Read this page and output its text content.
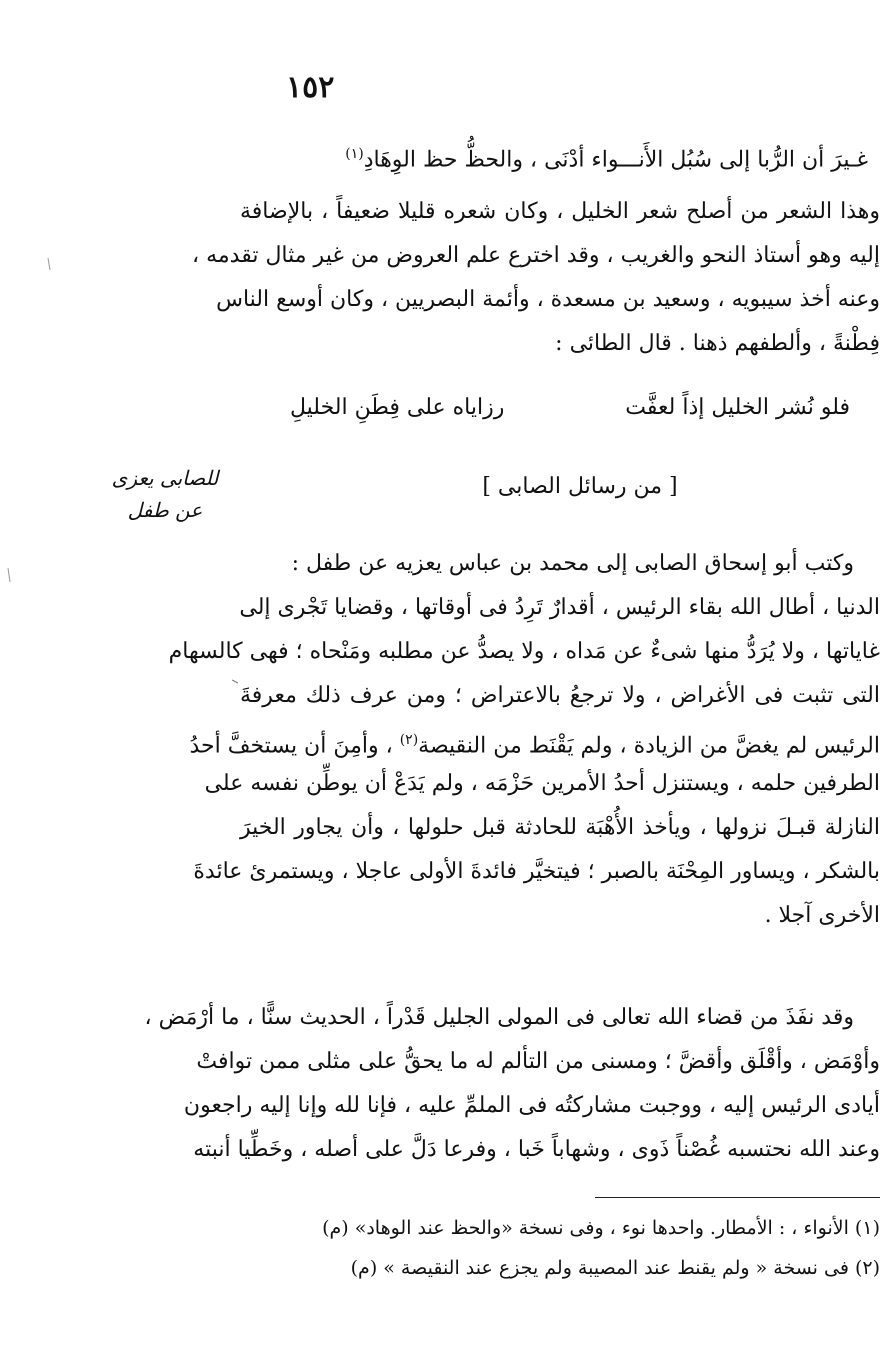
١٥٢
غـيرَ أن الرُّبا إلى سُبُل الأَنـــواء أدْنَى ، والحظُّ حظ الوِهَادِ$^{(١)}$
وهذا الشعر من أصلح شعر الخليل ، وكان شعره قليلا ضعيفاً ، بالإضافة
إليه وهو أستاذ النحو والغريب ، وقد اخترع علم العروض من غير مثال تقدمه ،
وعنه أخذ سيبويه ، وسعيد بن مسعدة ، وأئمة البصريين ، وكان أوسع الناس
فِطْنةً ، وألطفهم ذهنا . قال الطائى :
فلو نُشر الخليل إذاً لعفَّت
رزاياه على فِطَنِ الخليلِ
[ من رسائل الصابى ]
للصابى يعزى
عن طفل
وكتب أبو إسحاق الصابى إلى محمد بن عباس يعزيه عن طفل :
الدنيا ، أطال الله بقاء الرئيس ، أقدارٌ تَرِدُ فى أوقاتها ، وقضايا تَجْرى إلى
غاياتها ، ولا يُرَدُّ منها شىءٌ عن مَداه ، ولا يصدُّ عن مطلبه ومَنْحاه ؛ فهى كالسهام
التى تثبت فى الأغراض ، ولا ترجعُ بالاعتراض ؛ ومن عرف ذلك معرفةَ
الرئيس لم يغضَّ من الزيادة ، ولم يَقْنَط من النقيصة$^{(٢)}$ ، وأمِنَ أن يستخفَّ أحدُ
الطرفين حلمه ، ويستنزل أحدُ الأمرين حَزْمَه ، ولم يَدَعْ أن يوطِّن نفسه على
النازلة قبـلَ نزولها ، ويأخذ الأُهْبَة للحادثة قبل حلولها ، وأن يجاور الخيرَ
بالشكر ، ويساور المِحْنَة بالصبر ؛ فيتخيَّر فائدةَ الأولى عاجلا ، ويستمرئ عائدةَ
الأخرى آجلا .
وقد نفَذَ من قضاء الله تعالى فى المولى الجليل قَدْراً ، الحديث سنًّا ، ما أرْمَض ،
وأوْمَض ، وأقْلَق وأقضَّ ؛ ومسنى من التألم له ما يحقُّ على مثلى ممن توافتْ
أيادى الرئيس إليه ، ووجبت مشاركتُه فى الملمِّ عليه ، فإنا لله وإنا إليه راجعون
وعند الله نحتسبه غُصْناً ذَوى ، وشهاباً خَبا ، وفرعا دَلَّ على أصله ، وخَطِّيا أنبته
(١) الأنواء ، : الأمطار. واحدها نوء ، وفى نسخة «والحظ عند الوهاد» (م)
(٢) فى نسخة « ولم يقنط عند المصيبة ولم يجزع عند النقيصة » (م)
